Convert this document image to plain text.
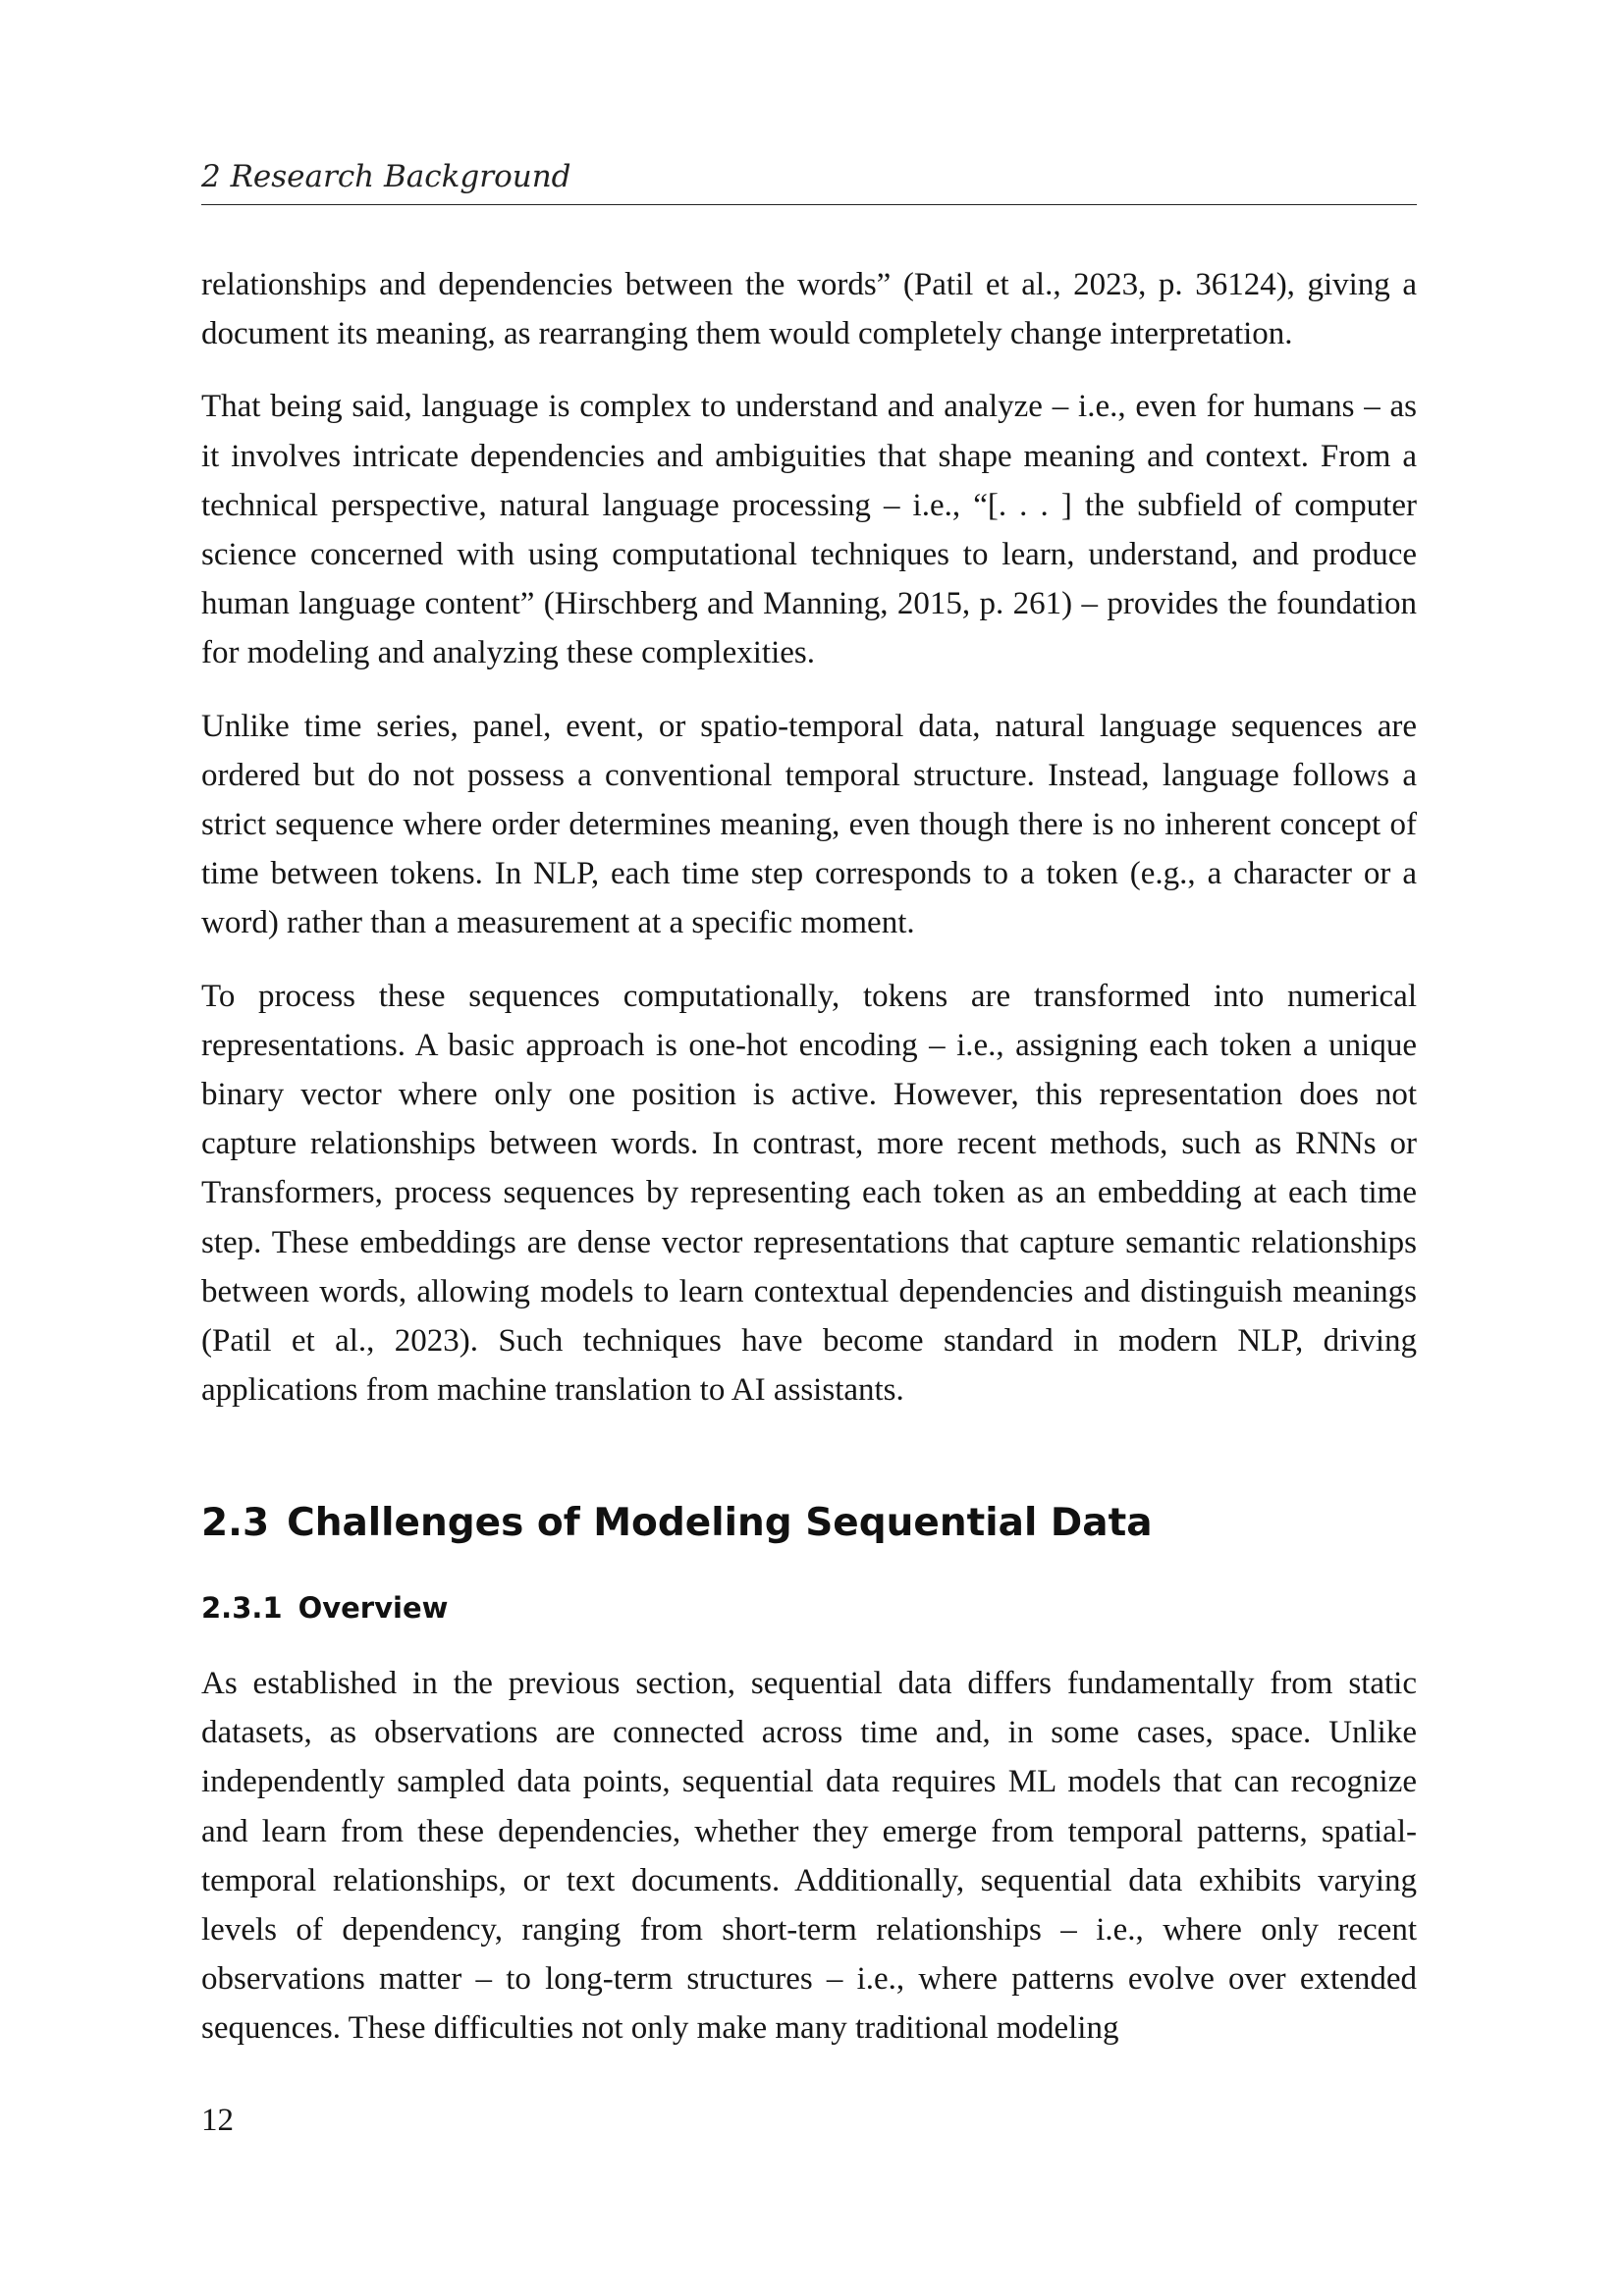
2 Research Background

relationships and dependencies between the words” (Patil et al., 2023, p. 36124), giving a document its meaning, as rearranging them would completely change interpretation.

That being said, language is complex to understand and analyze – i.e., even for humans – as it involves intricate dependencies and ambiguities that shape meaning and context. From a technical perspective, natural language processing – i.e., “[. . . ] the subfield of computer science concerned with using computational techniques to learn, understand, and produce human language content” (Hirschberg and Manning, 2015, p. 261) – provides the foundation for modeling and analyzing these complexities.

Unlike time series, panel, event, or spatio-temporal data, natural language sequences are ordered but do not possess a conventional temporal structure. Instead, language follows a strict sequence where order determines meaning, even though there is no inherent concept of time between tokens. In NLP, each time step corresponds to a token (e.g., a character or a word) rather than a measurement at a specific moment.

To process these sequences computationally, tokens are transformed into numerical representations. A basic approach is one-hot encoding – i.e., assigning each token a unique binary vector where only one position is active. However, this representation does not capture relationships between words. In contrast, more recent methods, such as RNNs or Transformers, process sequences by representing each token as an embedding at each time step. These embeddings are dense vector representations that capture semantic relationships between words, allowing models to learn contextual dependencies and distinguish meanings (Patil et al., 2023). Such techniques have become standard in modern NLP, driving applications from machine translation to AI assistants.

2.3 Challenges of Modeling Sequential Data
2.3.1 Overview

As established in the previous section, sequential data differs fundamentally from static datasets, as observations are connected across time and, in some cases, space. Unlike independently sampled data points, sequential data requires ML models that can recognize and learn from these dependencies, whether they emerge from temporal patterns, spatial-temporal relationships, or text documents. Additionally, sequential data exhibits varying levels of dependency, ranging from short-term relationships – i.e., where only recent observations matter – to long-term structures – i.e., where patterns evolve over extended sequences. These difficulties not only make many traditional modeling

12
